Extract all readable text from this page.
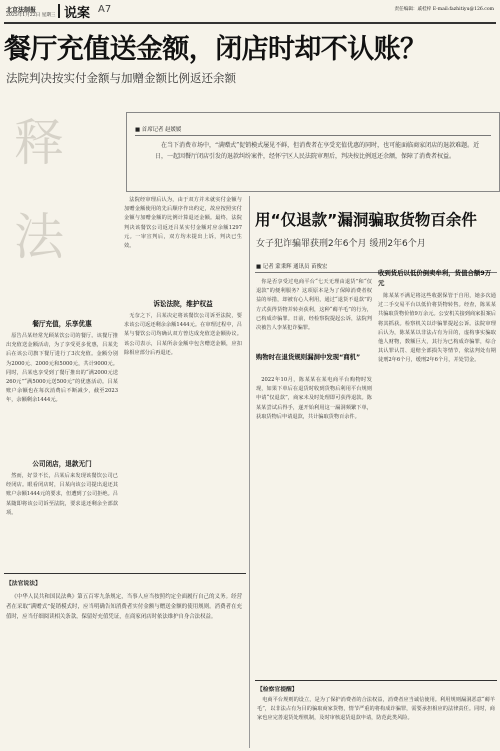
北京法制报
2025年1月22日 星期三 说案 A7	责任编辑：戚桂梓 E-mail:fazhitiyu@126.com
餐厅充值送金额，闭店时却不认账？
法院判决按实付金额与加赠金额比例返还余额
释
法
■ 首席记者 赵媛媛
在当下消费市场中，“满赠式”促销模式屡见不鲜，但消费者在享受充值优惠的同时，也可能面临商家闭店的退款难题。近日，一起因餐厅闭店引发的退款纠纷案件，经怀宁区人民法院审理后，判决按比例返还余额，保障了消费者权益。
餐厅充值，乐享优惠

原告吕某经常光顾某饮公司的餐厅。该餐厅推出充值送金额活动，为了享受更多优惠，吕某先后在该公司旗下餐厅进行了3次充值。金额分别为2000元、2000元和5000元，共计9000元。同时，吕某也享受到了餐厅推出的“满2000元送260元”“满5000元送500元”的优惠活动。吕某账户余额也在每次消费后不断减少，截至2023年，余额剩余1444元。

公司闭店，退款无门

然而，好景不长，吕某后来发现该餐饮公司已经闭店。眼看闭店时，吕某向该公司提出退还其账户余额1444元的要求，但遭到了公司拒绝。吕某随即将该公司诉至法院，要求退还剩余全部款项。

法院经审理后认为，由于双方并未就实付金额与加赠金额使用的先后顺序作出约定，故应按照实付金额与加赠金额的比例计算退还金额。最终，法院判决该餐饮公司返还吕某实付金额对应余额1297元。一审宣判后，双方均未提出上诉，判决已生效。

诉讼法院，维护权益

无奈之下，吕某决定将该餐饮公司诉至法院，要求该公司返还剩余余额1444元。在审理过程中，吕某与餐饮公司均确认双方曾达成充值送金额协议。该公司表示，吕某所余金额中包含赠送金额，应扣除相应部分后再退还。

【法官说法】

《中华人民共和国民法典》第五百零九条规定，当事人应当按照约定全面履行自己的义务。经营者在采取“满赠式”促销模式时，应当明确告知消费者实付金额与赠送金额的使用规则。消费者在充值时，应当仔细阅读相关条款，保留好充值凭证，在商家闭店时依法维护自身合法权益。

用“仅退款”漏洞骗取货物百余件
女子犯诈骗罪获刑2年6个月 缓刑2年6个月
■ 记者 蒙秉辉 通讯员 苗俊宏

你是否享受过电商平台“七天无理由退货”和“仅退款”的便利服务？这项原本是为了保障消费者权益的举措，却被有心人利用，通过“退货不退款”的方式获得货物并转卖获利，这种“薅羊毛”的行为，已构成诈骗罪。日前，经检察院提起公诉，法院判决被告人李某犯诈骗罪。

购物时在退货规则漏洞中发现“商机”

2022年10月，陈某某在某电商平台购物时发现，如果下单后在退货时收到货物后利用平台规则申请“仅退款”，商家未及时处理即可获得退款。陈某某尝试后得手，遂开始利用这一漏洞频繁下单，获取货物后申请退款，共计骗取货物百余件。

收到货后以低价倒卖牟利，货值合额9万元

陈某某不满足将这些收据保管于自用，她多次通过二手交易平台以低价将货物转售。经查，陈某某共骗取货物价值9万余元。公安机关接到商家报案后将其抓获。检察机关以诈骗罪提起公诉。法院审理后认为，陈某某以非法占有为目的，虚构事实骗取他人财物，数额巨大，其行为已构成诈骗罪，综合其认罪认罚、退赔全部损失等情节，依法判处有期徒刑2年6个月，缓刑2年6个月，并处罚金。

【检察官提醒】

电商平台规则的设立，是为了保护消费者的合法权益，消费者应当诚信使用。利用规则漏洞恶意“薅羊毛”，以非法占有为目的骗取商家货物，情节严重的将构成诈骗罪，需要承担相应的法律责任。同时，商家也应完善退货处理机制，及时审核退货退款申请，防范此类风险。
